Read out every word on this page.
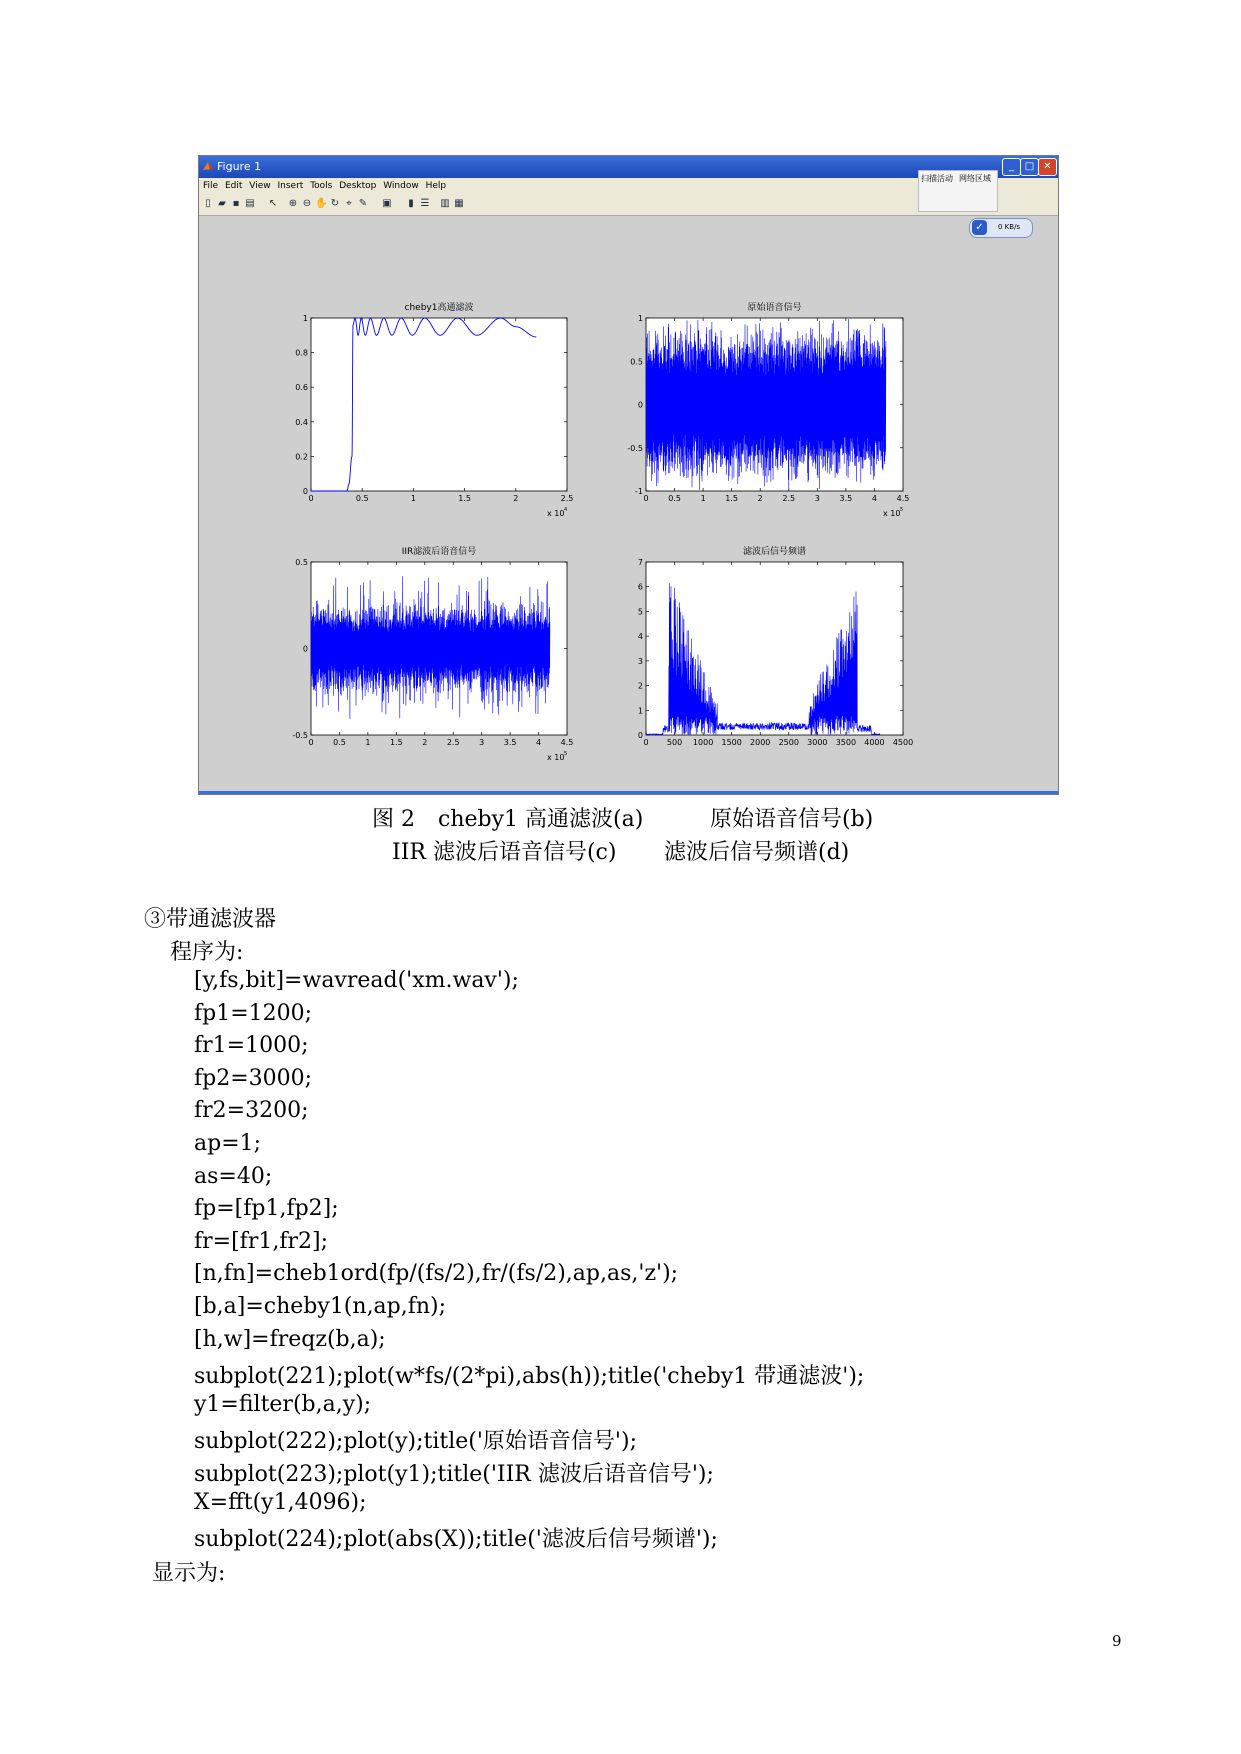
Figure 1	_	□ ✕
File Edit View Insert Tools Desktop Window Help
▯ ▰ ▪ ▤ ↖ ⊕ ⊖ ✋ ↻ ⌖ ✎ ▣	▮ ☰ ▥ ▦
扫描活动 网络区域
✓	0 KB/s
cheby1高通滤波
0	0.5	1	1.5	2	2.5
0
0.2
0.4
0.6
0.8
1
x 10 4
原始语音信号
0 0.5 1 1.5 2 2.5 3 3.5 4 4.5
-1
-0.5
0
0.5
1
x 10 5
IIR滤波后语音信号
0 0.5 1 1.5 2 2.5 3 3.5 4 4.5
-0.5
0
0.5
x 10 5
滤波后信号频谱
0 500 1000 1500 2000 2500 3000 3500 4000 4500
0
1
2
3
4
5
6
7
图 2 cheby1 高通滤波(a)	原始语音信号(b)
IIR 滤波后语音信号(c) 滤波后信号频谱(d)
③带通滤波器
程序为:
[y,fs,bit]=wavread('xm.wav');
fp1=1200;
fr1=1000;
fp2=3000;
fr2=3200;
ap=1;
as=40;
fp=[fp1,fp2];
fr=[fr1,fr2];
[n,fn]=cheb1ord(fp/(fs/2),fr/(fs/2),ap,as,'z');
[b,a]=cheby1(n,ap,fn);
[h,w]=freqz(b,a);
subplot(221);plot(w*fs/(2*pi),abs(h));title('cheby1 带通滤波');
y1=filter(b,a,y);
subplot(222);plot(y);title('原始语音信号');
subplot(223);plot(y1);title('IIR 滤波后语音信号');
X=fft(y1,4096);
subplot(224);plot(abs(X));title('滤波后信号频谱');
显示为:
9
